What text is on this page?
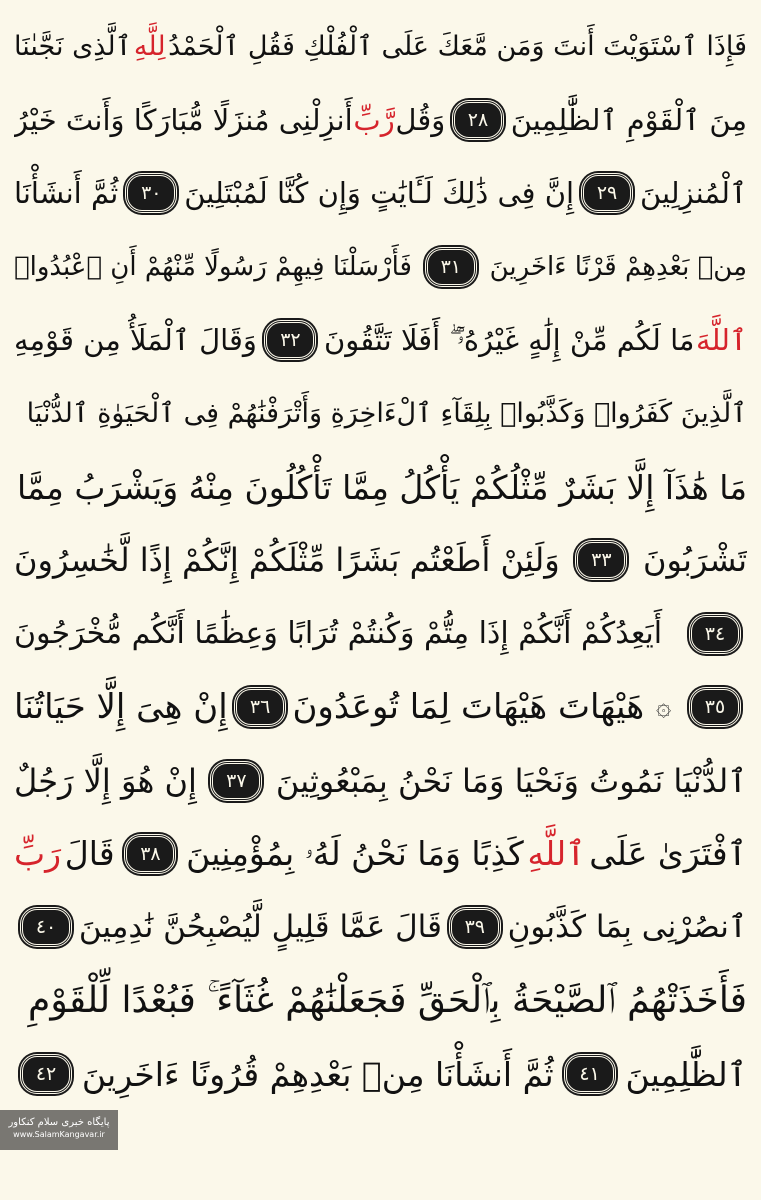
فَإِذَا ٱسْتَوَيْتَ أَنتَ وَمَن مَّعَكَ عَلَى ٱلْفُلْكِ فَقُلِ ٱلْحَمْدُ
لِلَّهِ
ٱلَّذِى نَجَّىٰنَا
مِنَ ٱلْقَوْمِ ٱلظَّٰلِمِينَ
٢٨
وَقُل
رَّبِّ
أَنزِلْنِى مُنزَلًا مُّبَارَكًا وَأَنتَ خَيْرُ
ٱلْمُنزِلِينَ
٢٩
إِنَّ فِى ذَٰلِكَ لَـَٔايَٰتٍ وَإِن كُنَّا لَمُبْتَلِينَ
٣٠
ثُمَّ أَنشَأْنَا
مِنۢ بَعْدِهِمْ قَرْنًا ءَاخَرِينَ
٣١
فَأَرْسَلْنَا فِيهِمْ رَسُولًا مِّنْهُمْ أَنِ ٱعْبُدُوا۟
ٱللَّهَ
مَا لَكُم مِّنْ إِلَٰهٍ غَيْرُهُۥٓ ۖ أَفَلَا تَتَّقُونَ
٣٢
وَقَالَ ٱلْمَلَأُ مِن قَوْمِهِ
ٱلَّذِينَ كَفَرُوا۟ وَكَذَّبُوا۟ بِلِقَآءِ ٱلْءَاخِرَةِ وَأَتْرَفْنَٰهُمْ فِى ٱلْحَيَوٰةِ ٱلدُّنْيَا
مَا هَٰذَآ إِلَّا بَشَرٌ مِّثْلُكُمْ يَأْكُلُ مِمَّا تَأْكُلُونَ مِنْهُ وَيَشْرَبُ مِمَّا
تَشْرَبُونَ
٣٣
وَلَئِنْ أَطَعْتُم بَشَرًا مِّثْلَكُمْ إِنَّكُمْ إِذًا لَّخَٰسِرُونَ
٣٤
أَيَعِدُكُمْ أَنَّكُمْ إِذَا مِتُّمْ وَكُنتُمْ تُرَابًا وَعِظَٰمًا أَنَّكُم مُّخْرَجُونَ
٣٥
۞
هَيْهَاتَ هَيْهَاتَ لِمَا تُوعَدُونَ
٣٦
إِنْ هِىَ إِلَّا حَيَاتُنَا
ٱلدُّنْيَا نَمُوتُ وَنَحْيَا وَمَا نَحْنُ بِمَبْعُوثِينَ
٣٧
إِنْ هُوَ إِلَّا رَجُلٌ
ٱفْتَرَىٰ عَلَى
ٱللَّهِ
كَذِبًا وَمَا نَحْنُ لَهُۥ بِمُؤْمِنِينَ
٣٨
قَالَ
رَبِّ
ٱنصُرْنِى بِمَا كَذَّبُونِ
٣٩
قَالَ عَمَّا قَلِيلٍ لَّيُصْبِحُنَّ نَٰدِمِينَ
٤٠
فَأَخَذَتْهُمُ ٱلصَّيْحَةُ بِٱلْحَقِّ فَجَعَلْنَٰهُمْ غُثَآءً ۚ فَبُعْدًا لِّلْقَوْمِ
ٱلظَّٰلِمِينَ
٤١
ثُمَّ أَنشَأْنَا مِنۢ بَعْدِهِمْ قُرُونًا ءَاخَرِينَ
٤٢
پایگاه خبری سلام کنکاور
www.SalamKangavar.ir
